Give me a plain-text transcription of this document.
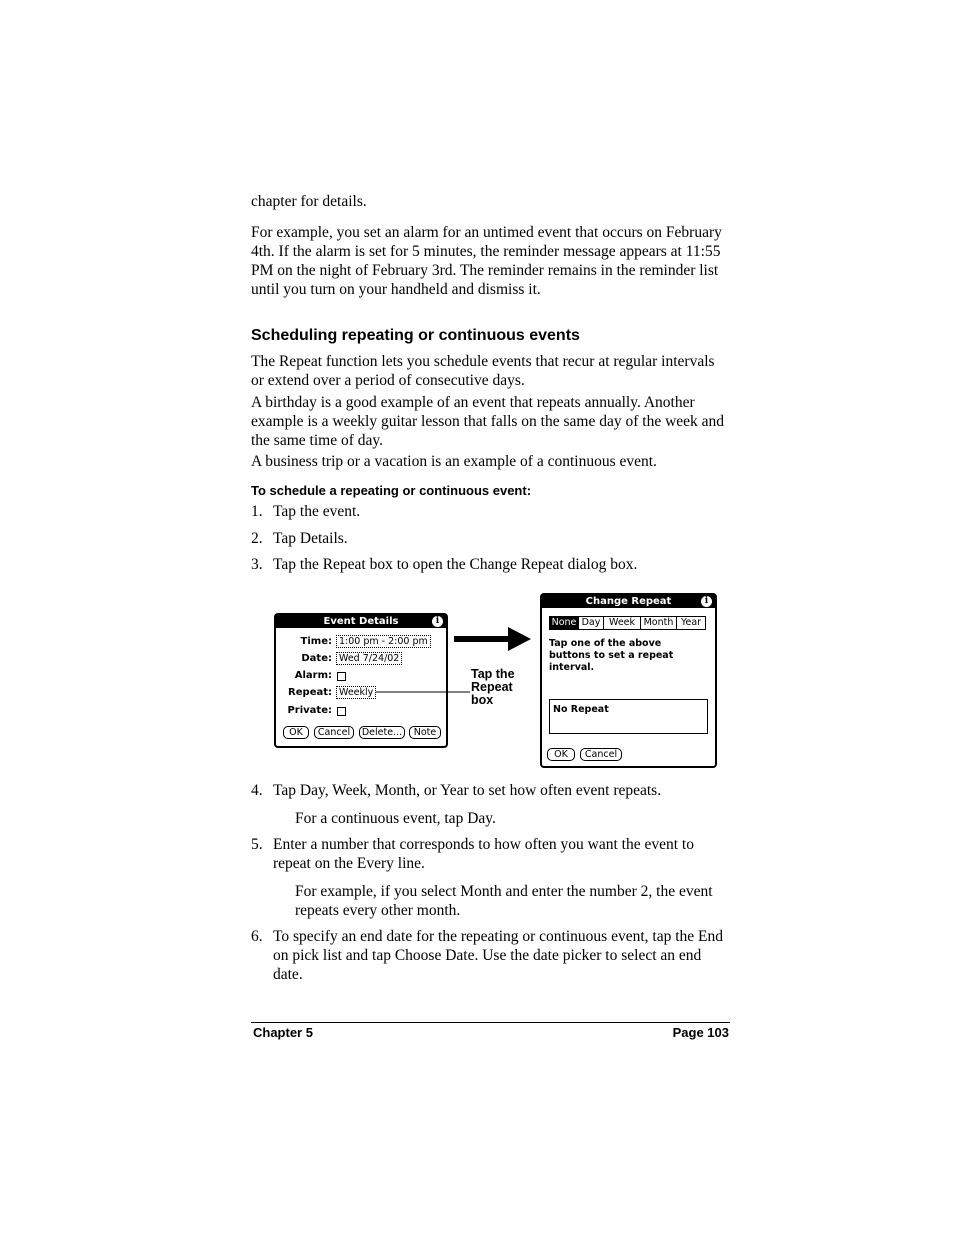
chapter for details.

For example, you set an alarm for an untimed event that occurs on February 4th. If the alarm is set for 5 minutes, the reminder message appears at 11:55 PM on the night of February 3rd. The reminder remains in the reminder list until you turn on your handheld and dismiss it.

Scheduling repeating or continuous events

The Repeat function lets you schedule events that recur at regular intervals or extend over a period of consecutive days.

A birthday is a good example of an event that repeats annually. Another example is a weekly guitar lesson that falls on the same day of the week and the same time of day.

A business trip or a vacation is an example of a continuous event.

To schedule a repeating or continuous event:
1. Tap the event.
2. Tap Details.
3. Tap the Repeat box to open the Change Repeat dialog box.
Event Details	i
Time: 1:00 pm - 2:00 pm
Date: Wed 7/24/02
Alarm:
Repeat: Weekly
Private:
OK	Cancel	Delete...	Note
Tap the Repeat box
Change Repeat	i
None Day Week Month Year
Tap one of the above buttons to set a repeat interval.
No Repeat
OK	Cancel
4. Tap Day, Week, Month, or Year to set how often event repeats.

For a continuous event, tap Day.

5. Enter a number that corresponds to how often you want the event to repeat on the Every line.

For example, if you select Month and enter the number 2, the event repeats every other month.

6. To specify an end date for the repeating or continuous event, tap the End on pick list and tap Choose Date. Use the date picker to select an end date.
Chapter 5	Page 103
